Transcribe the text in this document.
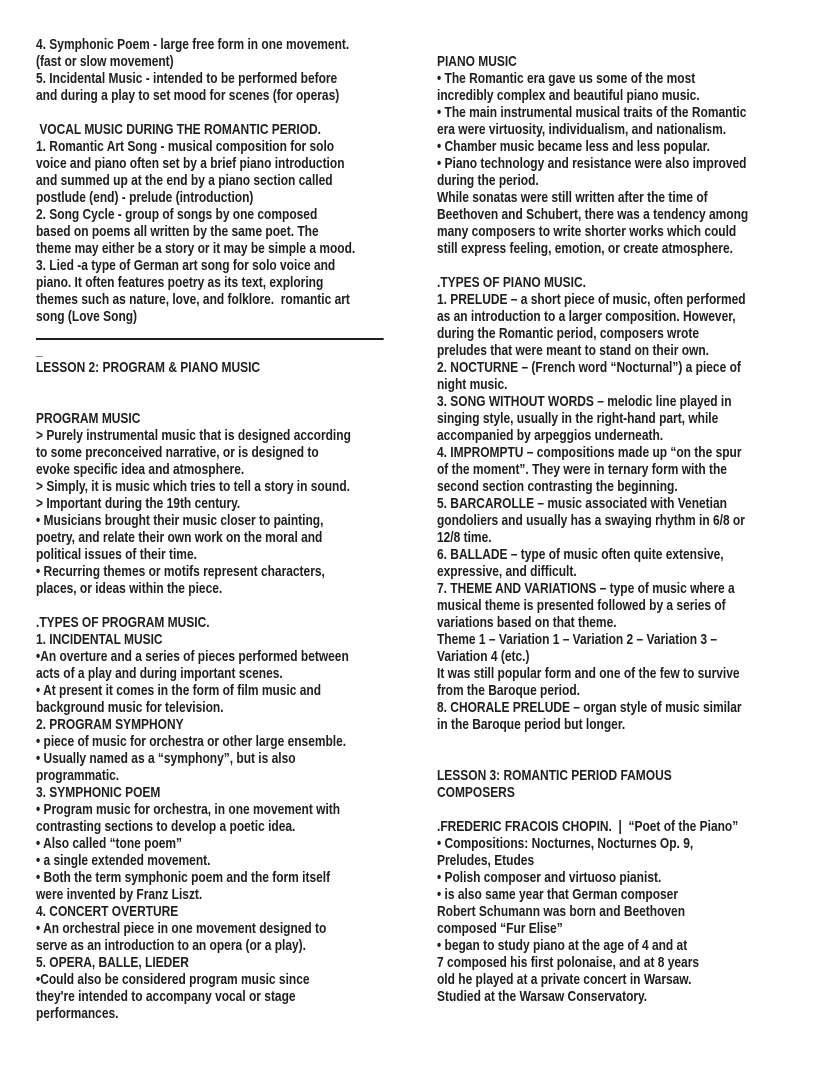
4. Symphonic Poem - large free form in one movement.
(fast or slow movement)
5. Incidental Music - intended to be performed before
and during a play to set mood for scenes (for operas)
VOCAL MUSIC DURING THE ROMANTIC PERIOD.
1. Romantic Art Song - musical composition for solo
voice and piano often set by a brief piano introduction
and summed up at the end by a piano section called
postlude (end) - prelude (introduction)
2. Song Cycle - group of songs by one composed
based on poems all written by the same poet. The
theme may either be a story or it may be simple a mood.
3. Lied -a type of German art song for solo voice and
piano. It often features poetry as its text, exploring
themes such as nature, love, and folklore.  romantic art
song (Love Song)
_
LESSON 2: PROGRAM & PIANO MUSIC
PROGRAM MUSIC
> Purely instrumental music that is designed according
to some preconceived narrative, or is designed to
evoke specific idea and atmosphere.
> Simply, it is music which tries to tell a story in sound.
> Important during the 19th century.
• Musicians brought their music closer to painting,
poetry, and relate their own work on the moral and
political issues of their time.
• Recurring themes or motifs represent characters,
places, or ideas within the piece.
.TYPES OF PROGRAM MUSIC.
1. INCIDENTAL MUSIC
•An overture and a series of pieces performed between
acts of a play and during important scenes.
• At present it comes in the form of film music and
background music for television.
2. PROGRAM SYMPHONY
• piece of music for orchestra or other large ensemble.
• Usually named as a “symphony”, but is also
programmatic.
3. SYMPHONIC POEM
• Program music for orchestra, in one movement with
contrasting sections to develop a poetic idea.
• Also called “tone poem”
• a single extended movement.
• Both the term symphonic poem and the form itself
were invented by Franz Liszt.
4. CONCERT OVERTURE
• An orchestral piece in one movement designed to
serve as an introduction to an opera (or a play).
5. OPERA, BALLE, LIEDER
•Could also be considered program music since
they're intended to accompany vocal or stage
performances.
PIANO MUSIC
• The Romantic era gave us some of the most
incredibly complex and beautiful piano music.
• The main instrumental musical traits of the Romantic
era were virtuosity, individualism, and nationalism.
• Chamber music became less and less popular.
• Piano technology and resistance were also improved
during the period.
While sonatas were still written after the time of
Beethoven and Schubert, there was a tendency among
many composers to write shorter works which could
still express feeling, emotion, or create atmosphere.
.TYPES OF PIANO MUSIC.
1. PRELUDE – a short piece of music, often performed
as an introduction to a larger composition. However,
during the Romantic period, composers wrote
preludes that were meant to stand on their own.
2. NOCTURNE – (French word “Nocturnal”) a piece of
night music.
3. SONG WITHOUT WORDS – melodic line played in
singing style, usually in the right-hand part, while
accompanied by arpeggios underneath.
4. IMPROMPTU – compositions made up “on the spur
of the moment”. They were in ternary form with the
second section contrasting the beginning.
5. BARCAROLLE – music associated with Venetian
gondoliers and usually has a swaying rhythm in 6/8 or
12/8 time.
6. BALLADE – type of music often quite extensive,
expressive, and difficult.
7. THEME AND VARIATIONS – type of music where a
musical theme is presented followed by a series of
variations based on that theme.
Theme 1 – Variation 1 – Variation 2 – Variation 3 –
Variation 4 (etc.)
It was still popular form and one of the few to survive
from the Baroque period.
8. CHORALE PRELUDE – organ style of music similar
in the Baroque period but longer.
LESSON 3: ROMANTIC PERIOD FAMOUS
COMPOSERS
.FREDERIC FRACOIS CHOPIN.  |  “Poet of the Piano”
• Compositions: Nocturnes, Nocturnes Op. 9,
Preludes, Etudes
• Polish composer and virtuoso pianist.
• is also same year that German composer
Robert Schumann was born and Beethoven
composed “Fur Elise”
• began to study piano at the age of 4 and at
7 composed his first polonaise, and at 8 years
old he played at a private concert in Warsaw.
Studied at the Warsaw Conservatory.
